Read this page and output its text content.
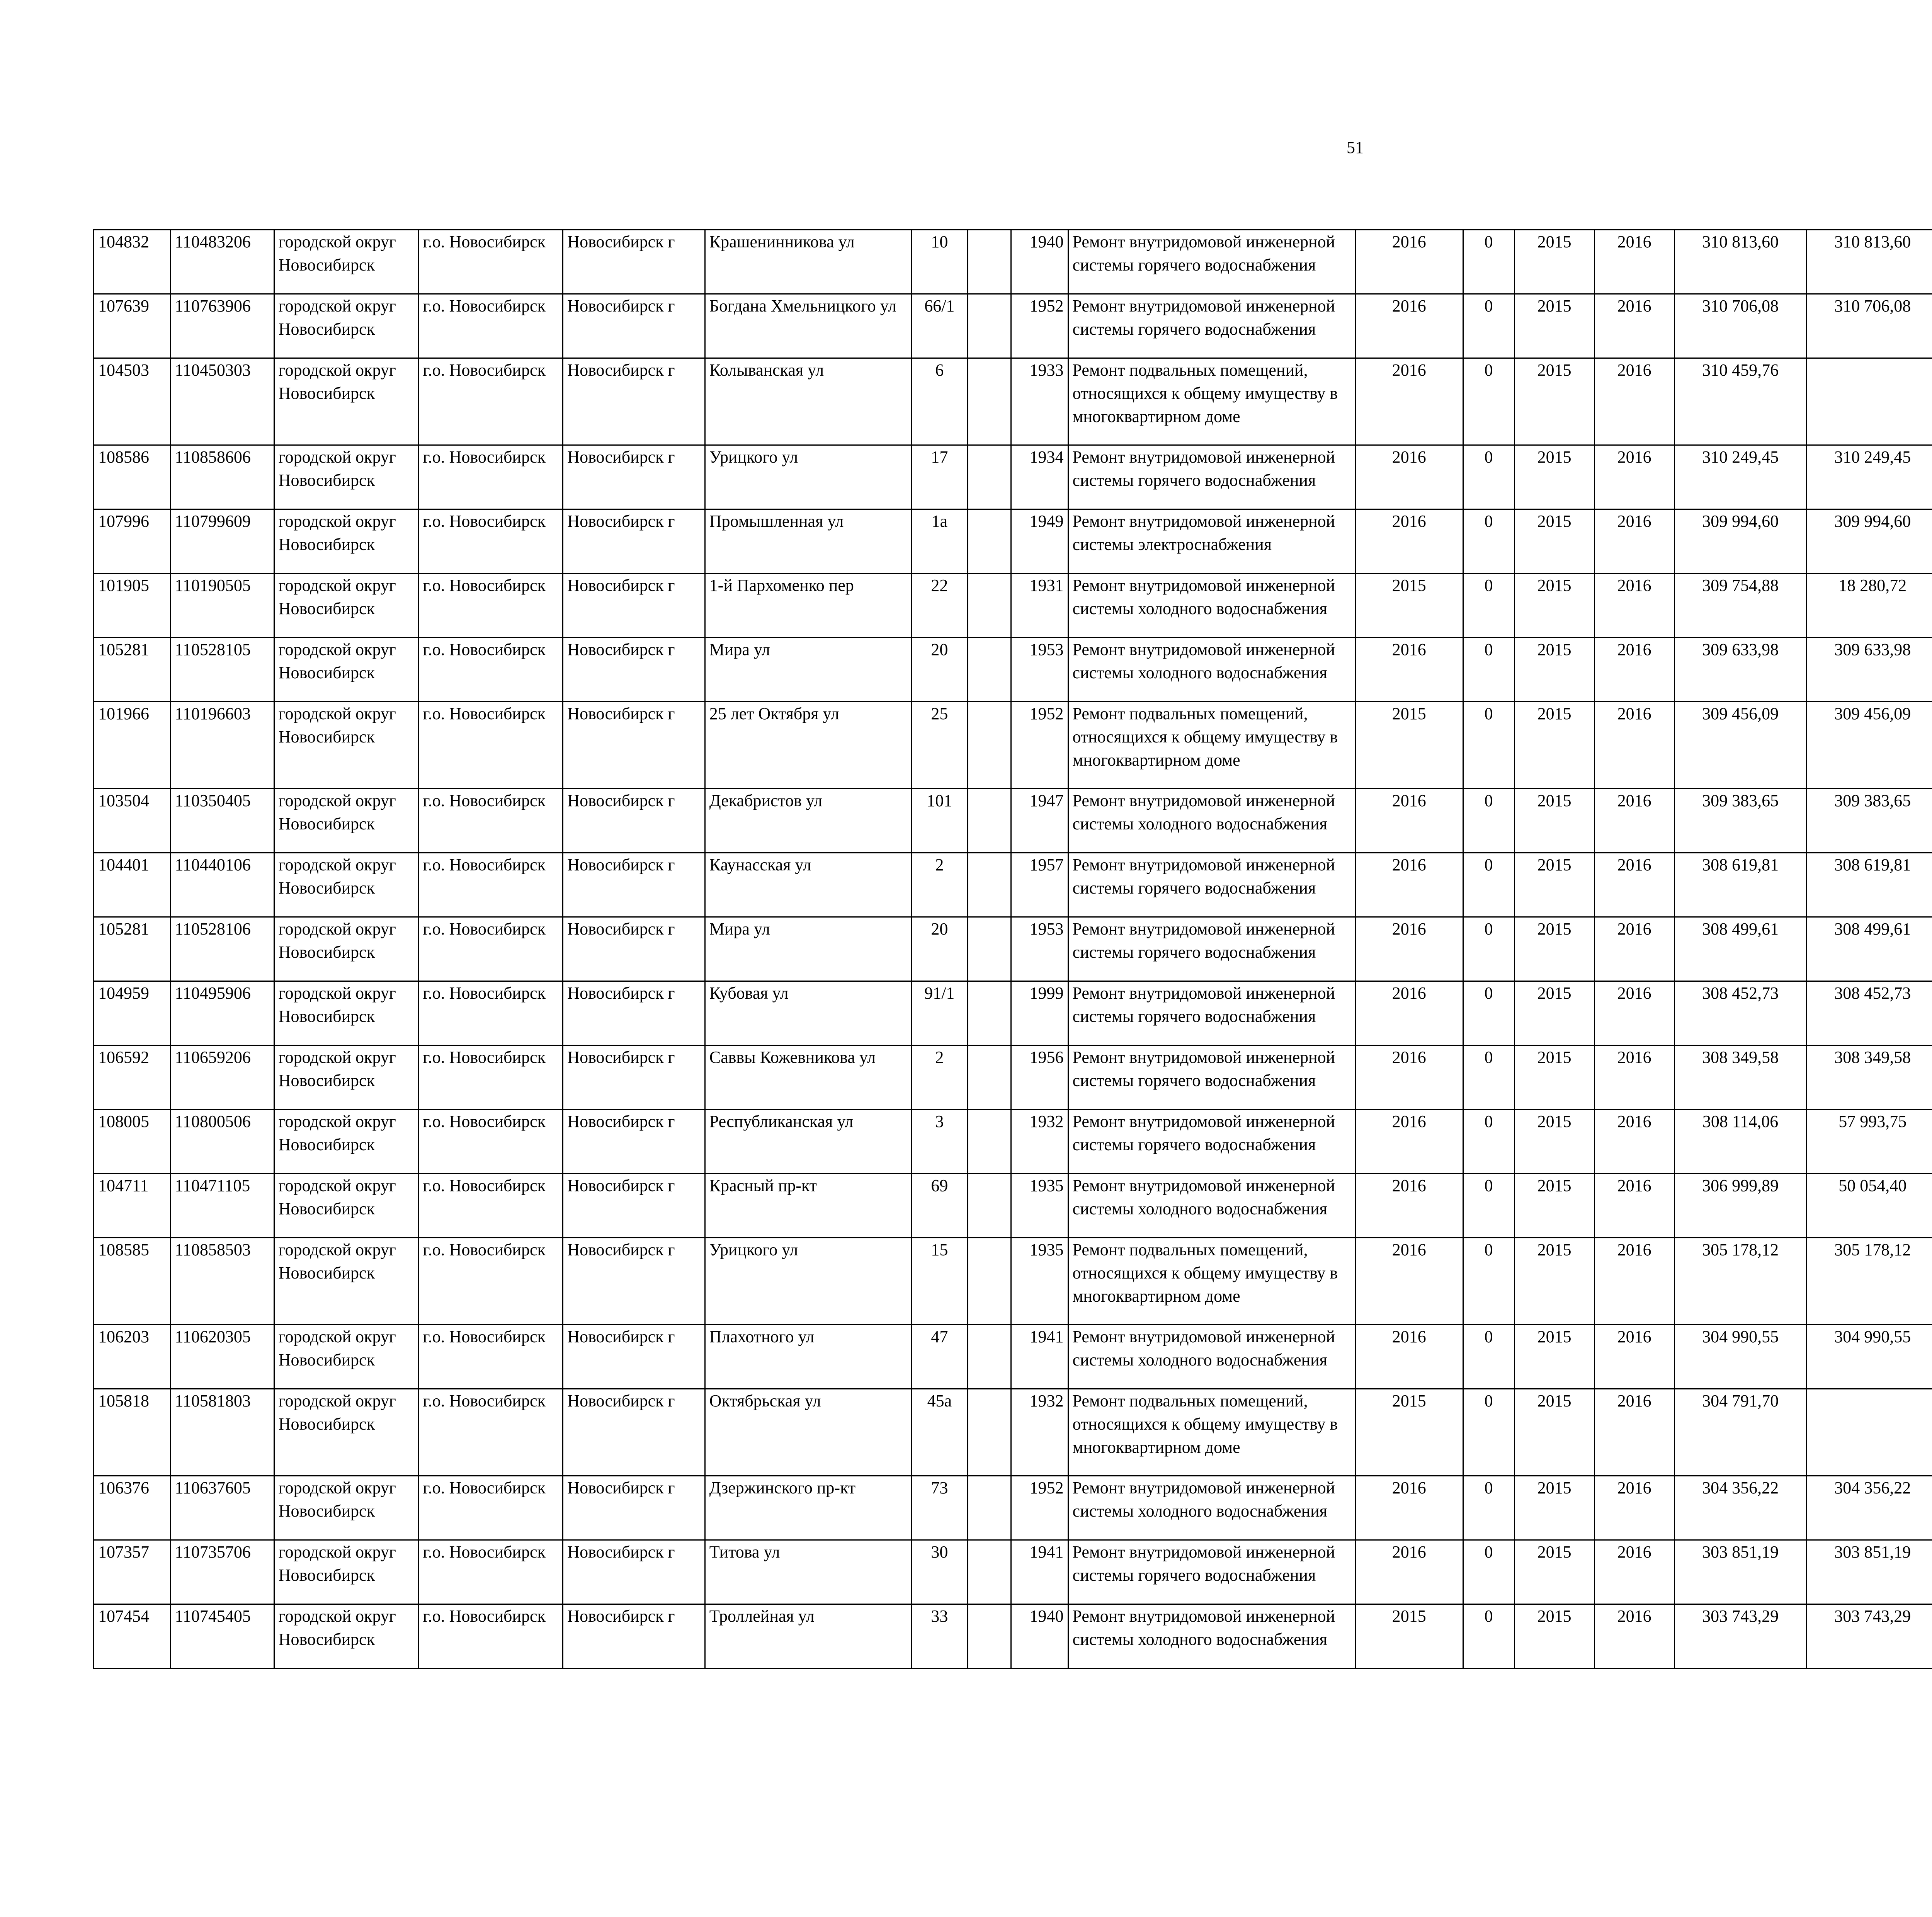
51
104832	110483206	городской округ Новосибирск	г.о. Новосибирск	Новосибирск г	Крашенинникова ул	10		1940	Ремонт внутридомовой инженерной системы горячего водоснабжения	2016	0	2015	2016	310 813,60	310 813,60					
107639	110763906	городской округ Новосибирск	г.о. Новосибирск	Новосибирск г	Богдана Хмельницкого ул	66/1		1952	Ремонт внутридомовой инженерной системы горячего водоснабжения	2016	0	2015	2016	310 706,08	310 706,08					
104503	110450303	городской округ Новосибирск	г.о. Новосибирск	Новосибирск г	Колыванская ул	6		1933	Ремонт подвальных помещений, относящихся к общему имуществу в многоквартирном доме	2016	0	2015	2016	310 459,76						
108586	110858606	городской округ Новосибирск	г.о. Новосибирск	Новосибирск г	Урицкого ул	17		1934	Ремонт внутридомовой инженерной системы горячего водоснабжения	2016	0	2015	2016	310 249,45	310 249,45					
107996	110799609	городской округ Новосибирск	г.о. Новосибирск	Новосибирск г	Промышленная ул	1а		1949	Ремонт внутридомовой инженерной системы электроснабжения	2016	0	2015	2016	309 994,60	309 994,60					
101905	110190505	городской округ Новосибирск	г.о. Новосибирск	Новосибирск г	1-й Пархоменко пер	22		1931	Ремонт внутридомовой инженерной системы холодного водоснабжения	2015	0	2015	2016	309 754,88	18 280,72					
105281	110528105	городской округ Новосибирск	г.о. Новосибирск	Новосибирск г	Мира ул	20		1953	Ремонт внутридомовой инженерной системы холодного водоснабжения	2016	0	2015	2016	309 633,98	309 633,98					
101966	110196603	городской округ Новосибирск	г.о. Новосибирск	Новосибирск г	25 лет Октября ул	25		1952	Ремонт подвальных помещений, относящихся к общему имуществу в многоквартирном доме	2015	0	2015	2016	309 456,09	309 456,09					
103504	110350405	городской округ Новосибирск	г.о. Новосибирск	Новосибирск г	Декабристов ул	101		1947	Ремонт внутридомовой инженерной системы холодного водоснабжения	2016	0	2015	2016	309 383,65	309 383,65					
104401	110440106	городской округ Новосибирск	г.о. Новосибирск	Новосибирск г	Каунасская ул	2		1957	Ремонт внутридомовой инженерной системы горячего водоснабжения	2016	0	2015	2016	308 619,81	308 619,81					
105281	110528106	городской округ Новосибирск	г.о. Новосибирск	Новосибирск г	Мира ул	20		1953	Ремонт внутридомовой инженерной системы горячего водоснабжения	2016	0	2015	2016	308 499,61	308 499,61					
104959	110495906	городской округ Новосибирск	г.о. Новосибирск	Новосибирск г	Кубовая ул	91/1		1999	Ремонт внутридомовой инженерной системы горячего водоснабжения	2016	0	2015	2016	308 452,73	308 452,73					
106592	110659206	городской округ Новосибирск	г.о. Новосибирск	Новосибирск г	Саввы Кожевникова ул	2		1956	Ремонт внутридомовой инженерной системы горячего водоснабжения	2016	0	2015	2016	308 349,58	308 349,58					
108005	110800506	городской округ Новосибирск	г.о. Новосибирск	Новосибирск г	Республиканская ул	3		1932	Ремонт внутридомовой инженерной системы горячего водоснабжения	2016	0	2015	2016	308 114,06	57 993,75					
104711	110471105	городской округ Новосибирск	г.о. Новосибирск	Новосибирск г	Красный пр-кт	69		1935	Ремонт внутридомовой инженерной системы холодного водоснабжения	2016	0	2015	2016	306 999,89	50 054,40					
108585	110858503	городской округ Новосибирск	г.о. Новосибирск	Новосибирск г	Урицкого ул	15		1935	Ремонт подвальных помещений, относящихся к общему имуществу в многоквартирном доме	2016	0	2015	2016	305 178,12	305 178,12					
106203	110620305	городской округ Новосибирск	г.о. Новосибирск	Новосибирск г	Плахотного ул	47		1941	Ремонт внутридомовой инженерной системы холодного водоснабжения	2016	0	2015	2016	304 990,55	304 990,55					
105818	110581803	городской округ Новосибирск	г.о. Новосибирск	Новосибирск г	Октябрьская ул	45а		1932	Ремонт подвальных помещений, относящихся к общему имуществу в многоквартирном доме	2015	0	2015	2016	304 791,70						
106376	110637605	городской округ Новосибирск	г.о. Новосибирск	Новосибирск г	Дзержинского пр-кт	73		1952	Ремонт внутридомовой инженерной системы холодного водоснабжения	2016	0	2015	2016	304 356,22	304 356,22					
107357	110735706	городской округ Новосибирск	г.о. Новосибирск	Новосибирск г	Титова ул	30		1941	Ремонт внутридомовой инженерной системы горячего водоснабжения	2016	0	2015	2016	303 851,19	303 851,19					
107454	110745405	городской округ Новосибирск	г.о. Новосибирск	Новосибирск г	Троллейная ул	33		1940	Ремонт внутридомовой инженерной системы холодного водоснабжения	2015	0	2015	2016	303 743,29	303 743,29					
